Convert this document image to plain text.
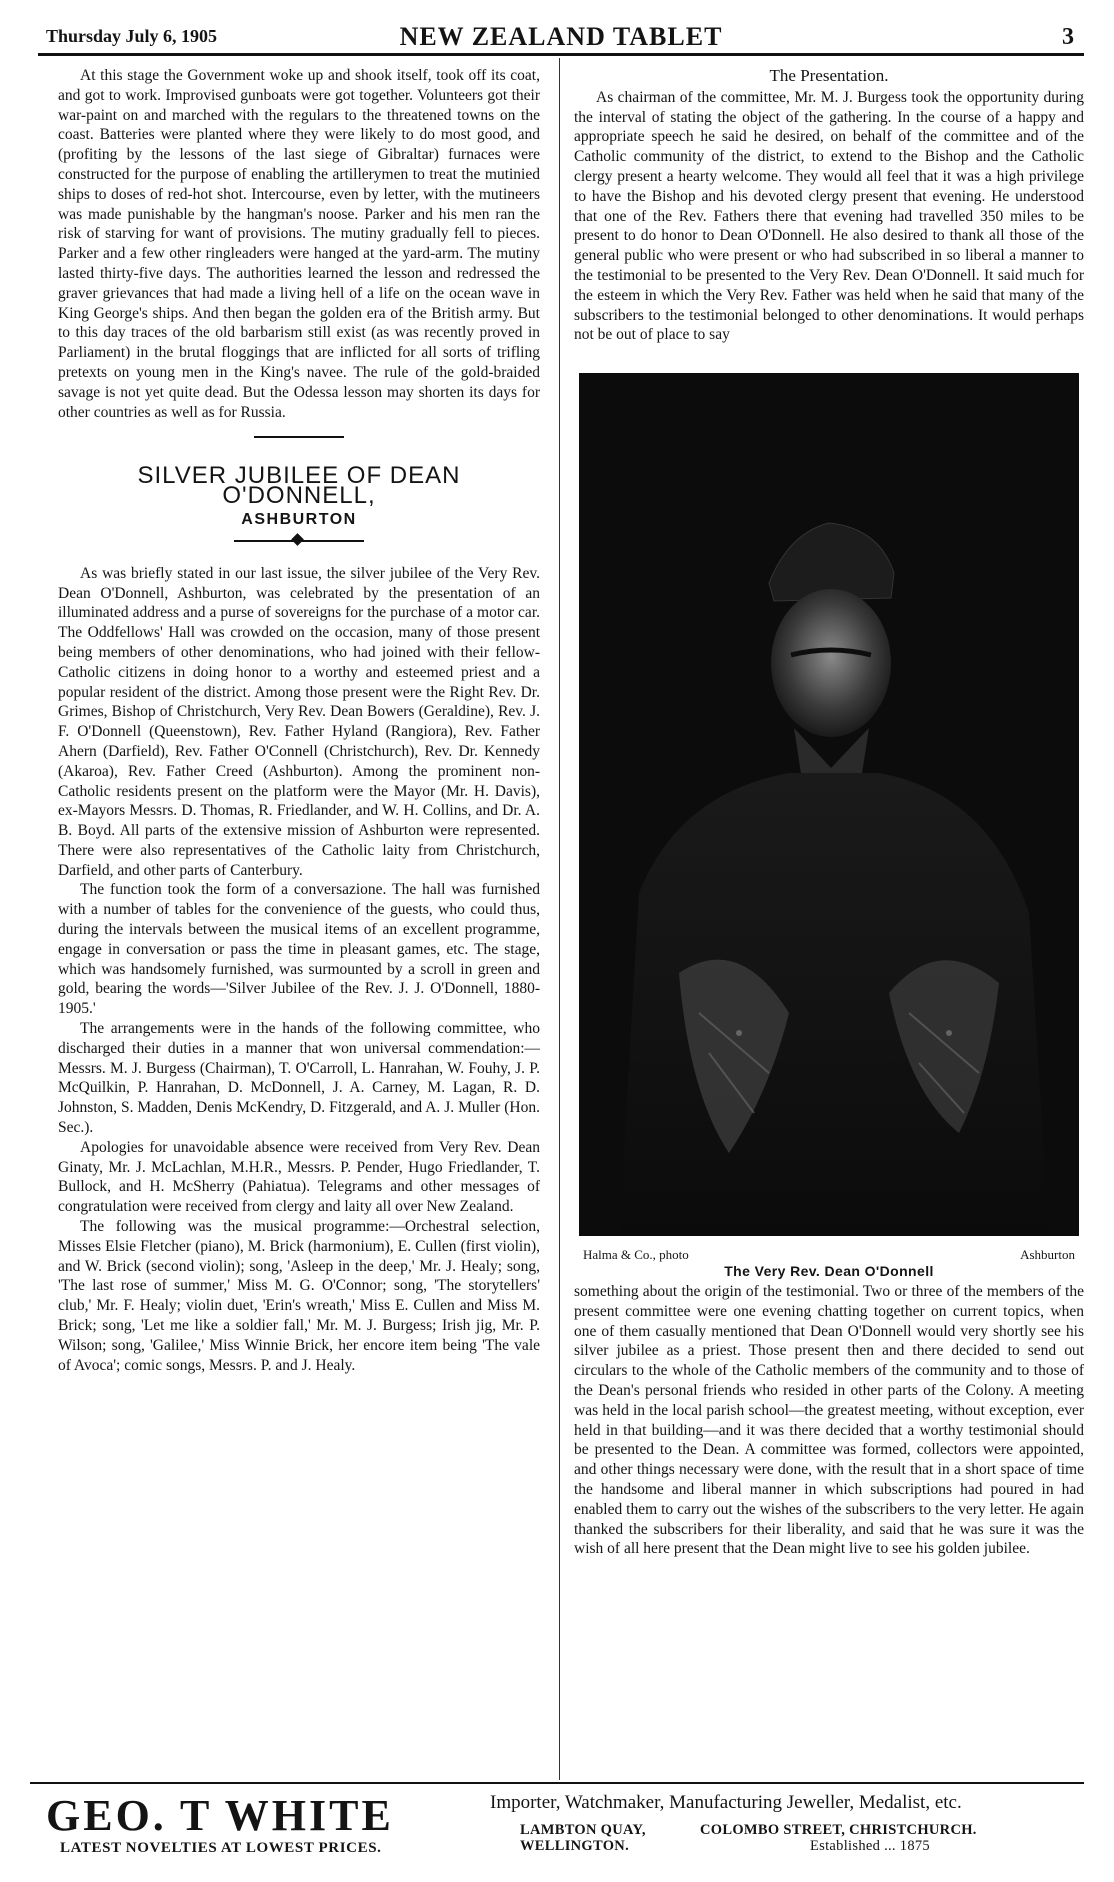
Thursday July 6, 1905	NEW ZEALAND TABLET	3

At this stage the Government woke up and shook itself, took off its coat, and got to work. Improvised gunboats were got together. Volunteers got their war-paint on and marched with the regulars to the threatened towns on the coast. Batteries were planted where they were likely to do most good, and (profiting by the lessons of the last siege of Gibraltar) furnaces were constructed for the purpose of enabling the artillerymen to treat the mutinied ships to doses of red-hot shot. Intercourse, even by letter, with the mutineers was made punishable by the hangman's noose. Parker and his men ran the risk of starving for want of provisions. The mutiny gradually fell to pieces. Parker and a few other ringleaders were hanged at the yard-arm. The mutiny lasted thirty-five days. The authorities learned the lesson and redressed the graver grievances that had made a living hell of a life on the ocean wave in King George's ships. And then began the golden era of the British army. But to this day traces of the old barbarism still exist (as was recently proved in Parliament) in the brutal floggings that are inflicted for all sorts of trifling pretexts on young men in the King's navee. The rule of the gold-braided savage is not yet quite dead. But the Odessa lesson may shorten its days for other countries as well as for Russia.

SILVER JUBILEE OF DEAN O'DONNELL,
ASHBURTON

As was briefly stated in our last issue, the silver jubilee of the Very Rev. Dean O'Donnell, Ashburton, was celebrated by the presentation of an illuminated address and a purse of sovereigns for the purchase of a motor car. The Oddfellows' Hall was crowded on the occasion, many of those present being members of other denominations, who had joined with their fellow-Catholic citizens in doing honor to a worthy and esteemed priest and a popular resident of the district. Among those present were the Right Rev. Dr. Grimes, Bishop of Christchurch, Very Rev. Dean Bowers (Geraldine), Rev. J. F. O'Donnell (Queenstown), Rev. Father Hyland (Rangiora), Rev. Father Ahern (Darfield), Rev. Father O'Connell (Christchurch), Rev. Dr. Kennedy (Akaroa), Rev. Father Creed (Ashburton). Among the prominent non-Catholic residents present on the platform were the Mayor (Mr. H. Davis), ex-Mayors Messrs. D. Thomas, R. Friedlander, and W. H. Collins, and Dr. A. B. Boyd. All parts of the extensive mission of Ashburton were represented. There were also representatives of the Catholic laity from Christchurch, Darfield, and other parts of Canterbury.

The function took the form of a conversazione. The hall was furnished with a number of tables for the convenience of the guests, who could thus, during the intervals between the musical items of an excellent programme, engage in conversation or pass the time in pleasant games, etc. The stage, which was handsomely furnished, was surmounted by a scroll in green and gold, bearing the words—'Silver Jubilee of the Rev. J. J. O'Donnell, 1880-1905.'

The arrangements were in the hands of the following committee, who discharged their duties in a manner that won universal commendation:—Messrs. M. J. Burgess (Chairman), T. O'Carroll, L. Hanrahan, W. Fouhy, J. P. McQuilkin, P. Hanrahan, D. McDonnell, J. A. Carney, M. Lagan, R. D. Johnston, S. Madden, Denis McKendry, D. Fitzgerald, and A. J. Muller (Hon. Sec.).

Apologies for unavoidable absence were received from Very Rev. Dean Ginaty, Mr. J. McLachlan, M.H.R., Messrs. P. Pender, Hugo Friedlander, T. Bullock, and H. McSherry (Pahiatua). Telegrams and other messages of congratulation were received from clergy and laity all over New Zealand.

The following was the musical programme:—Orchestral selection, Misses Elsie Fletcher (piano), M. Brick (harmonium), E. Cullen (first violin), and W. Brick (second violin); song, 'Asleep in the deep,' Mr. J. Healy; song, 'The last rose of summer,' Miss M. G. O'Connor; song, 'The storytellers' club,' Mr. F. Healy; violin duet, 'Erin's wreath,' Miss E. Cullen and Miss M. Brick; song, 'Let me like a soldier fall,' Mr. M. J. Burgess; Irish jig, Mr. P. Wilson; song, 'Galilee,' Miss Winnie Brick, her encore item being 'The vale of Avoca'; comic songs, Messrs. P. and J. Healy.

The Presentation.

As chairman of the committee, Mr. M. J. Burgess took the opportunity during the interval of stating the object of the gathering. In the course of a happy and appropriate speech he said he desired, on behalf of the committee and of the Catholic community of the district, to extend to the Bishop and the Catholic clergy present a hearty welcome. They would all feel that it was a high privilege to have the Bishop and his devoted clergy present that evening. He understood that one of the Rev. Fathers there that evening had travelled 350 miles to be present to do honor to Dean O'Donnell. He also desired to thank all those of the general public who were present or who had subscribed in so liberal a manner to the testimonial to be presented to the Very Rev. Dean O'Donnell. It said much for the esteem in which the Very Rev. Father was held when he said that many of the subscribers to the testimonial belonged to other denominations. It would perhaps not be out of place to say

Halma & Co., photo	Ashburton
The Very Rev. Dean O'Donnell

something about the origin of the testimonial. Two or three of the members of the present committee were one evening chatting together on current topics, when one of them casually mentioned that Dean O'Donnell would very shortly see his silver jubilee as a priest. Those present then and there decided to send out circulars to the whole of the Catholic members of the community and to those of the Dean's personal friends who resided in other parts of the Colony. A meeting was held in the local parish school—the greatest meeting, without exception, ever held in that building—and it was there decided that a worthy testimonial should be presented to the Dean. A committee was formed, collectors were appointed, and other things necessary were done, with the result that in a short space of time the handsome and liberal manner in which subscriptions had poured in had enabled them to carry out the wishes of the subscribers to the very letter. He again thanked the subscribers for their liberality, and said that he was sure it was the wish of all here present that the Dean might live to see his golden jubilee.

GEO. T WHITE
LATEST NOVELTIES AT LOWEST PRICES.
Importer, Watchmaker, Manufacturing Jeweller, Medalist, etc.
LAMBTON QUAY,
WELLINGTON.
COLOMBO STREET, CHRISTCHURCH.
Established ... 1875
